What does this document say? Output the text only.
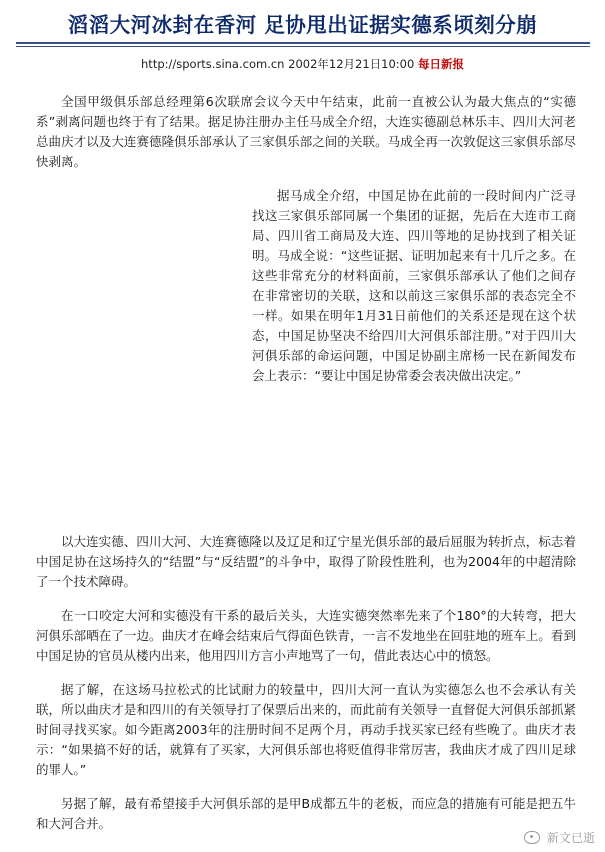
滔滔大河冰封在香河 足协甩出证据实德系顷刻分崩
http://sports.sina.com.cn 2002年12月21日10:00 每日新报

全国甲级俱乐部总经理第6次联席会议今天中午结束，此前一直被公认为最大焦点的“实德系”剥离问题也终于有了结果。据足协注册办主任马成全介绍，大连实德副总林乐丰、四川大河老总曲庆才以及大连赛德隆俱乐部承认了三家俱乐部之间的关联。马成全再一次敦促这三家俱乐部尽快剥离。

据马成全介绍，中国足协在此前的一段时间内广泛寻找这三家俱乐部同属一个集团的证据，先后在大连市工商局、四川省工商局及大连、四川等地的足协找到了相关证明。马成全说：“这些证据、证明加起来有十几斤之多。在这些非常充分的材料面前，三家俱乐部承认了他们之间存在非常密切的关联，这和以前这三家俱乐部的表态完全不一样。如果在明年1月31日前他们的关系还是现在这个状态，中国足协坚决不给四川大河俱乐部注册。”对于四川大河俱乐部的命运问题，中国足协副主席杨一民在新闻发布会上表示：“要让中国足协常委会表决做出决定。”

以大连实德、四川大河、大连赛德隆以及辽足和辽宁星光俱乐部的最后屈服为转折点，标志着中国足协在这场持久的“结盟”与“反结盟”的斗争中，取得了阶段性胜利，也为2004年的中超清除了一个技术障碍。

在一口咬定大河和实德没有干系的最后关头，大连实德突然率先来了个180°的大转弯，把大河俱乐部晒在了一边。曲庆才在峰会结束后气得面色铁青，一言不发地坐在回驻地的班车上。看到中国足协的官员从楼内出来，他用四川方言小声地骂了一句，借此表达心中的愤怒。

据了解，在这场马拉松式的比试耐力的较量中，四川大河一直认为实德怎么也不会承认有关联，所以曲庆才是和四川的有关领导打了保票后出来的，而此前有关领导一直督促大河俱乐部抓紧时间寻找买家。如今距离2003年的注册时间不足两个月，再动手找买家已经有些晚了。曲庆才表示：“如果搞不好的话，就算有了买家，大河俱乐部也将贬值得非常厉害，我曲庆才成了四川足球的罪人。”

另据了解，最有希望接手大河俱乐部的是甲B成都五牛的老板，而应急的措施有可能是把五牛和大河合并。

新文已逝
